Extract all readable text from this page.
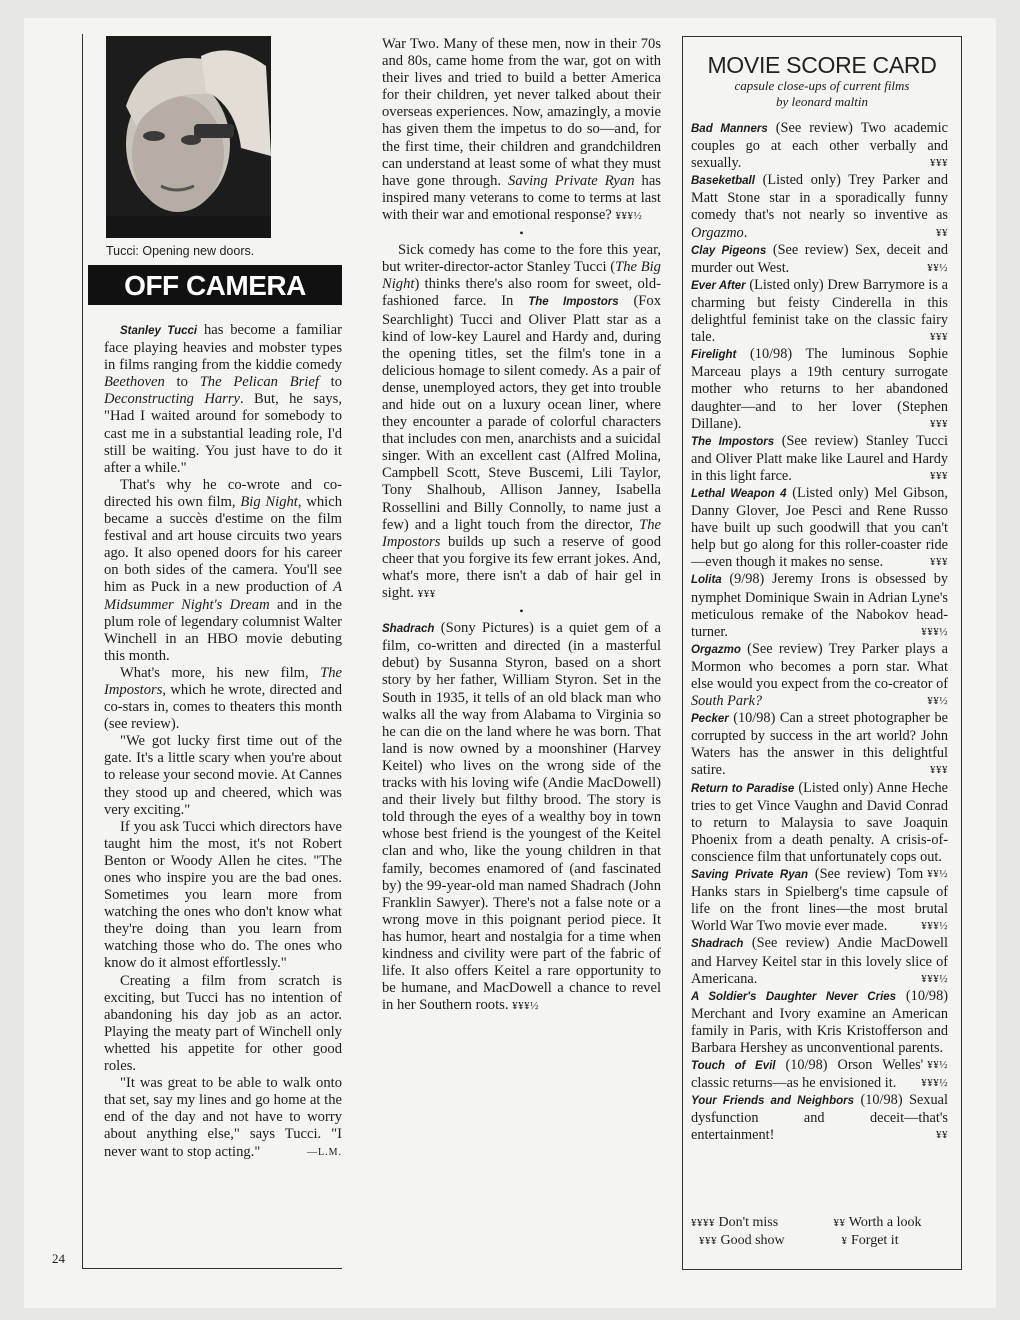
Tucci: Opening new doors.
OFF CAMERA

Stanley Tucci has become a familiar face playing heavies and mobster types in films ranging from the kiddie comedy Beethoven to The Pelican Brief to Deconstructing Harry. But, he says, "Had I waited around for somebody to cast me in a substantial leading role, I'd still be waiting. You just have to do it after a while."

That's why he co-wrote and co-directed his own film, Big Night, which became a succès d'estime on the film festival and art house circuits two years ago. It also opened doors for his career on both sides of the camera. You'll see him as Puck in a new production of A Midsummer Night's Dream and in the plum role of legendary columnist Walter Winchell in an HBO movie debuting this month.

What's more, his new film, The Impostors, which he wrote, directed and co-stars in, comes to theaters this month (see review).

"We got lucky first time out of the gate. It's a little scary when you're about to release your second movie. At Cannes they stood up and cheered, which was very exciting."

If you ask Tucci which directors have taught him the most, it's not Robert Benton or Woody Allen he cites. "The ones who inspire you are the bad ones. Sometimes you learn more from watching the ones who don't know what they're doing than you learn from watching those who do. The ones who know do it almost effortlessly."

Creating a film from scratch is exciting, but Tucci has no intention of abandoning his day job as an actor. Playing the meaty part of Winchell only whetted his appetite for other good roles.

"It was great to be able to walk onto that set, say my lines and go home at the end of the day and not have to worry about anything else," says Tucci. "I never want to stop acting."	—L.M.

War Two. Many of these men, now in their 70s and 80s, came home from the war, got on with their lives and tried to build a better America for their children, yet never talked about their overseas experiences. Now, amazingly, a movie has given them the impetus to do so—and, for the first time, their children and grandchildren can understand at least some of what they must have gone through. Saving Private Ryan has inspired many veterans to come to terms at last with their war and emotional response? ¥¥¥½

•

Sick comedy has come to the fore this year, but writer-director-actor Stanley Tucci (The Big Night) thinks there's also room for sweet, old-fashioned farce. In The Impostors (Fox Searchlight) Tucci and Oliver Platt star as a kind of low-key Laurel and Hardy and, during the opening titles, set the film's tone in a delicious homage to silent comedy. As a pair of dense, unemployed actors, they get into trouble and hide out on a luxury ocean liner, where they encounter a parade of colorful characters that includes con men, anarchists and a suicidal singer. With an excellent cast (Alfred Molina, Campbell Scott, Steve Buscemi, Lili Taylor, Tony Shalhoub, Allison Janney, Isabella Rossellini and Billy Connolly, to name just a few) and a light touch from the director, The Impostors builds up such a reserve of good cheer that you forgive its few errant jokes. And, what's more, there isn't a dab of hair gel in sight. ¥¥¥

•

Shadrach (Sony Pictures) is a quiet gem of a film, co-written and directed (in a masterful debut) by Susanna Styron, based on a short story by her father, William Styron. Set in the South in 1935, it tells of an old black man who walks all the way from Alabama to Virginia so he can die on the land where he was born. That land is now owned by a moonshiner (Harvey Keitel) who lives on the wrong side of the tracks with his loving wife (Andie MacDowell) and their lively but filthy brood. The story is told through the eyes of a wealthy boy in town whose best friend is the youngest of the Keitel clan and who, like the young children in that family, becomes enamored of (and fascinated by) the 99-year-old man named Shadrach (John Franklin Sawyer). There's not a false note or a wrong move in this poignant period piece. It has humor, heart and nostalgia for a time when kindness and civility were part of the fabric of life. It also offers Keitel a rare opportunity to be humane, and MacDowell a chance to revel in her Southern roots. ¥¥¥½

MOVIE SCORE CARD
capsule close-ups of current films
by leonard maltin

Bad Manners (See review) Two academic couples go at each other verbally and sexually.	¥¥¥

Baseketball (Listed only) Trey Parker and Matt Stone star in a sporadically funny comedy that's not nearly so inventive as Orgazmo.	¥¥

Clay Pigeons (See review) Sex, deceit and murder out West.	¥¥½

Ever After (Listed only) Drew Barrymore is a charming but feisty Cinderella in this delightful feminist take on the classic fairy tale.	¥¥¥

Firelight (10/98) The luminous Sophie Marceau plays a 19th century surrogate mother who returns to her abandoned daughter—and to her lover (Stephen Dillane).	¥¥¥

The Impostors (See review) Stanley Tucci and Oliver Platt make like Laurel and Hardy in this light farce.	¥¥¥

Lethal Weapon 4 (Listed only) Mel Gibson, Danny Glover, Joe Pesci and Rene Russo have built up such goodwill that you can't help but go along for this roller-coaster ride—even though it makes no sense.	¥¥¥

Lolita (9/98) Jeremy Irons is obsessed by nymphet Dominique Swain in Adrian Lyne's meticulous remake of the Nabokov head-turner.	¥¥¥½

Orgazmo (See review) Trey Parker plays a Mormon who becomes a porn star. What else would you expect from the co-creator of South Park?	¥¥½

Pecker (10/98) Can a street photographer be corrupted by success in the art world? John Waters has the answer in this delightful satire.	¥¥¥

Return to Paradise (Listed only) Anne Heche tries to get Vince Vaughn and David Conrad to return to Malaysia to save Joaquin Phoenix from a death penalty. A crisis-of-conscience film that unfortunately cops out.
¥¥½

Saving Private Ryan (See review) Tom Hanks stars in Spielberg's time capsule of life on the front lines—the most brutal World War Two movie ever made.	¥¥¥½

Shadrach (See review) Andie MacDowell and Harvey Keitel star in this lovely slice of Americana.	¥¥¥½

A Soldier's Daughter Never Cries (10/98) Merchant and Ivory examine an American family in Paris, with Kris Kristofferson and Barbara Hershey as unconventional parents.
¥¥½

Touch of Evil (10/98) Orson Welles' classic returns—as he envisioned it. ¥¥¥½

Your Friends and Neighbors (10/98) Sexual dysfunction and deceit—that's entertainment!	¥¥

¥¥¥¥ Don't miss	¥¥ Worth a look
¥¥¥ Good show	¥ Forget it
24
